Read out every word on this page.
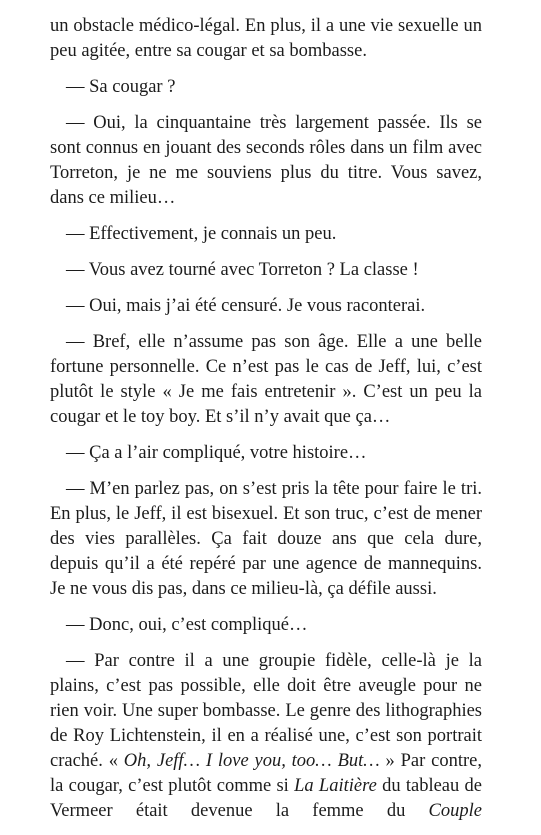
un obstacle médico-légal. En plus, il a une vie sexuelle un peu agitée, entre sa cougar et sa bombasse.

— Sa cougar ?

— Oui, la cinquantaine très largement passée. Ils se sont connus en jouant des seconds rôles dans un film avec Torreton, je ne me souviens plus du titre. Vous savez, dans ce milieu…

— Effectivement, je connais un peu.

— Vous avez tourné avec Torreton ? La classe !

— Oui, mais j’ai été censuré. Je vous raconterai.

— Bref, elle n’assume pas son âge. Elle a une belle fortune personnelle. Ce n’est pas le cas de Jeff, lui, c’est plutôt le style « Je me fais entretenir ». C’est un peu la cougar et le toy boy. Et s’il n’y avait que ça…

— Ça a l’air compliqué, votre histoire…

— M’en parlez pas, on s’est pris la tête pour faire le tri. En plus, le Jeff, il est bisexuel. Et son truc, c’est de mener des vies parallèles. Ça fait douze ans que cela dure, depuis qu’il a été repéré par une agence de mannequins. Je ne vous dis pas, dans ce milieu-là, ça défile aussi.

— Donc, oui, c’est compliqué…

— Par contre il a une groupie fidèle, celle-là je la plains, c’est pas possible, elle doit être aveugle pour ne rien voir. Une super bombasse. Le genre des lithographies de Roy Lichtenstein, il en a réalisé une, c’est son portrait craché. « Oh, Jeff… I love you, too… But… » Par contre, la cougar, c’est plutôt comme si La Laitière du tableau de Vermeer était devenue la femme du Couple
